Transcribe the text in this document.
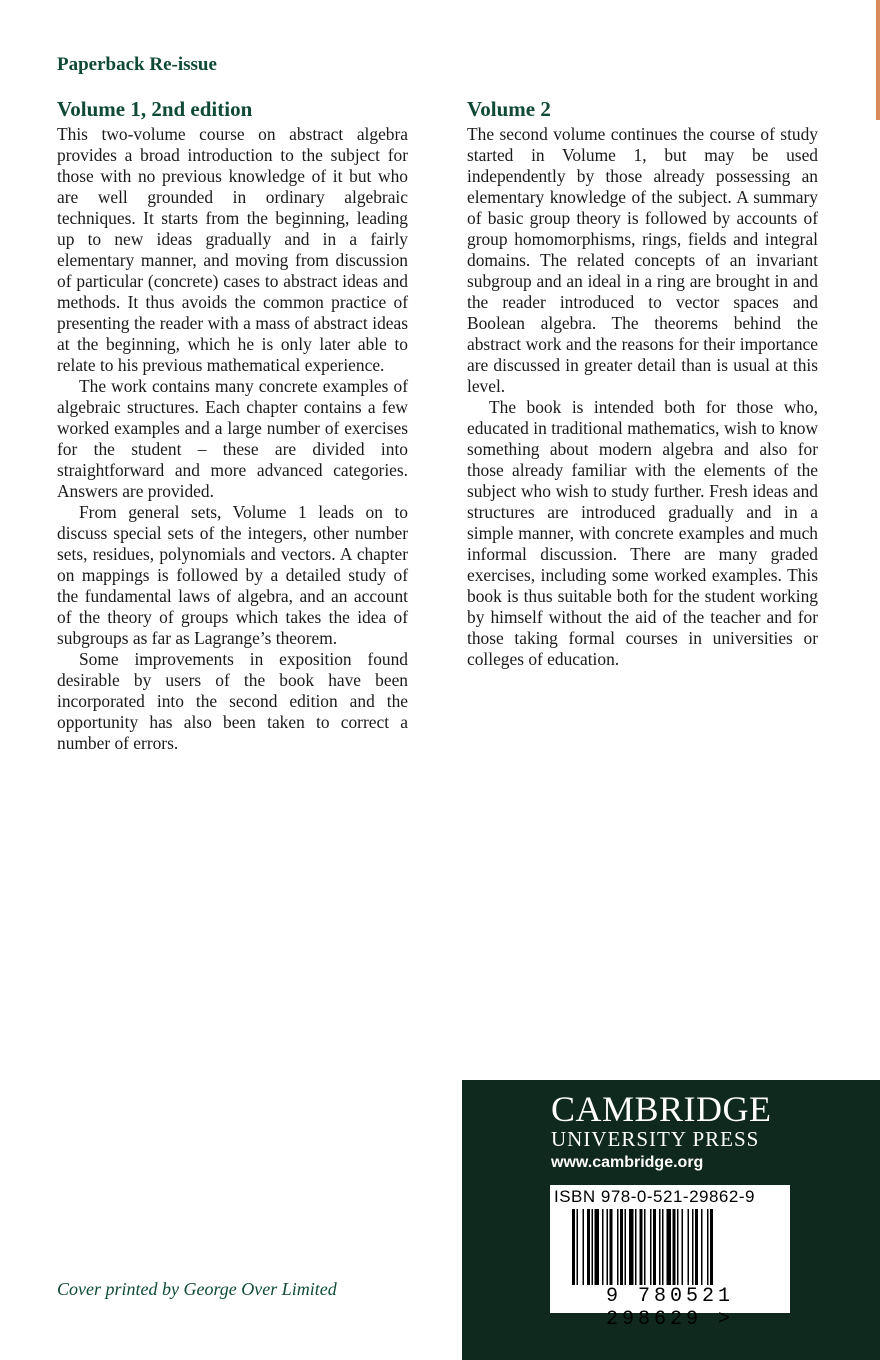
Paperback Re-issue
Volume 1, 2nd edition

This two-volume course on abstract algebra provides a broad introduction to the subject for those with no previous knowledge of it but who are well grounded in ordinary algebraic techniques. It starts from the beginning, leading up to new ideas gradually and in a fairly elementary manner, and moving from discussion of particular (concrete) cases to abstract ideas and methods. It thus avoids the common practice of presenting the reader with a mass of abstract ideas at the beginning, which he is only later able to relate to his previous mathematical experience.

The work contains many concrete examples of algebraic structures. Each chapter contains a few worked examples and a large number of exercises for the student – these are divided into straightforward and more advanced categories. Answers are provided.

From general sets, Volume 1 leads on to discuss special sets of the integers, other number sets, residues, polynomials and vectors. A chapter on mappings is followed by a detailed study of the fundamental laws of algebra, and an account of the theory of groups which takes the idea of subgroups as far as Lagrange’s theorem.

Some improvements in exposition found desirable by users of the book have been incorporated into the second edition and the opportunity has also been taken to correct a number of errors.

Volume 2

The second volume continues the course of study started in Volume 1, but may be used independently by those already possessing an elementary knowledge of the subject. A summary of basic group theory is followed by accounts of group homomorphisms, rings, fields and integral domains. The related concepts of an invariant subgroup and an ideal in a ring are brought in and the reader introduced to vector spaces and Boolean algebra. The theorems behind the abstract work and the reasons for their importance are discussed in greater detail than is usual at this level.

The book is intended both for those who, educated in traditional mathematics, wish to know something about modern algebra and also for those already familiar with the elements of the subject who wish to study further. Fresh ideas and structures are introduced gradually and in a simple manner, with concrete examples and much informal discussion. There are many graded exercises, including some worked examples. This book is thus suitable both for the student working by himself without the aid of the teacher and for those taking formal courses in universities or colleges of education.

Cover printed by George Over Limited
CAMBRIDGE
UNIVERSITY PRESS
www.cambridge.org
ISBN 978-0-521-29862-9
9 780521 298629 >
